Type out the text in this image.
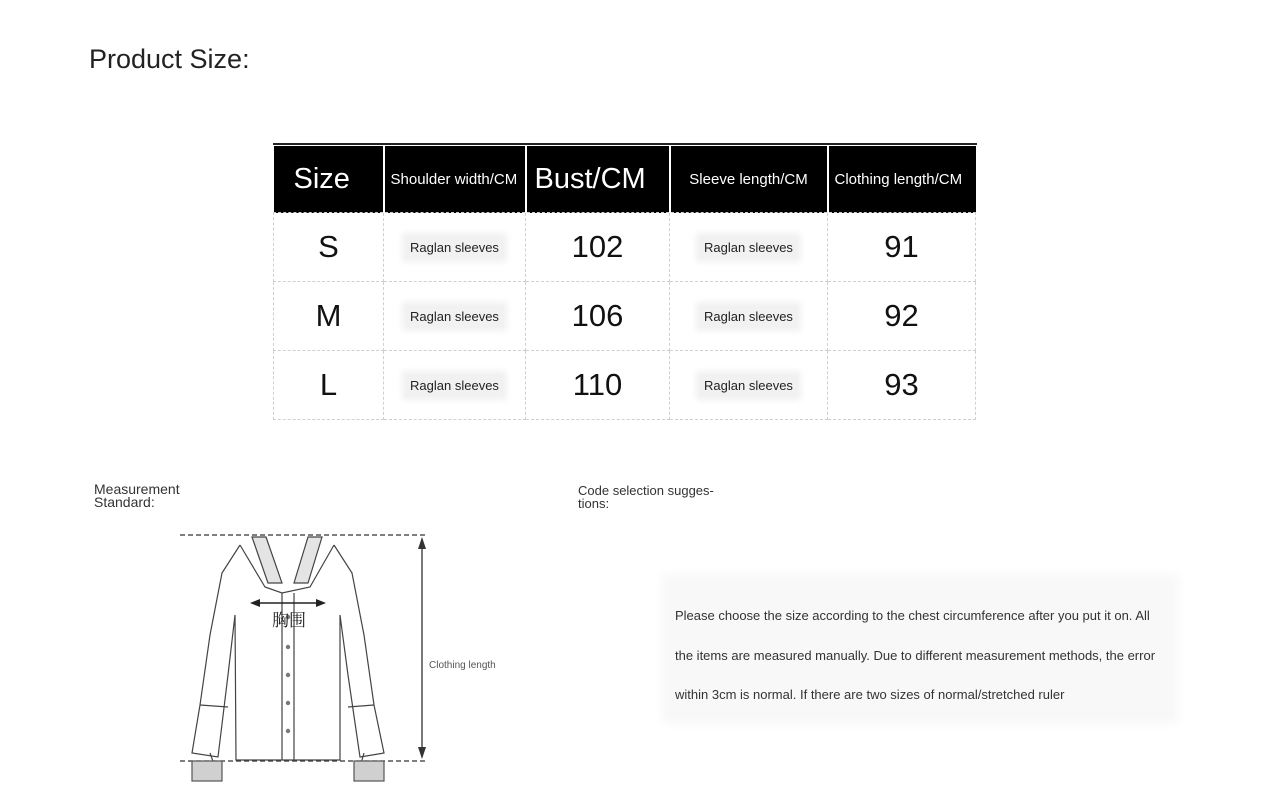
Product Size:
Size	Shoulder width/CM	Bust/CM	Sleeve length/CM	Clothing length/CM
S	Raglan sleeves	102	Raglan sleeves	91
M	Raglan sleeves	106	Raglan sleeves	92
L	Raglan sleeves	110	Raglan sleeves	93
Measurement Standard:
Code selection sugges-tions:
胸围
Clothing length

Please choose the size according to the chest circumference after you put it on. All the items are measured manually. Due to different measurement methods, the error within 3cm is normal. If there are two sizes of normal/stretched ruler
